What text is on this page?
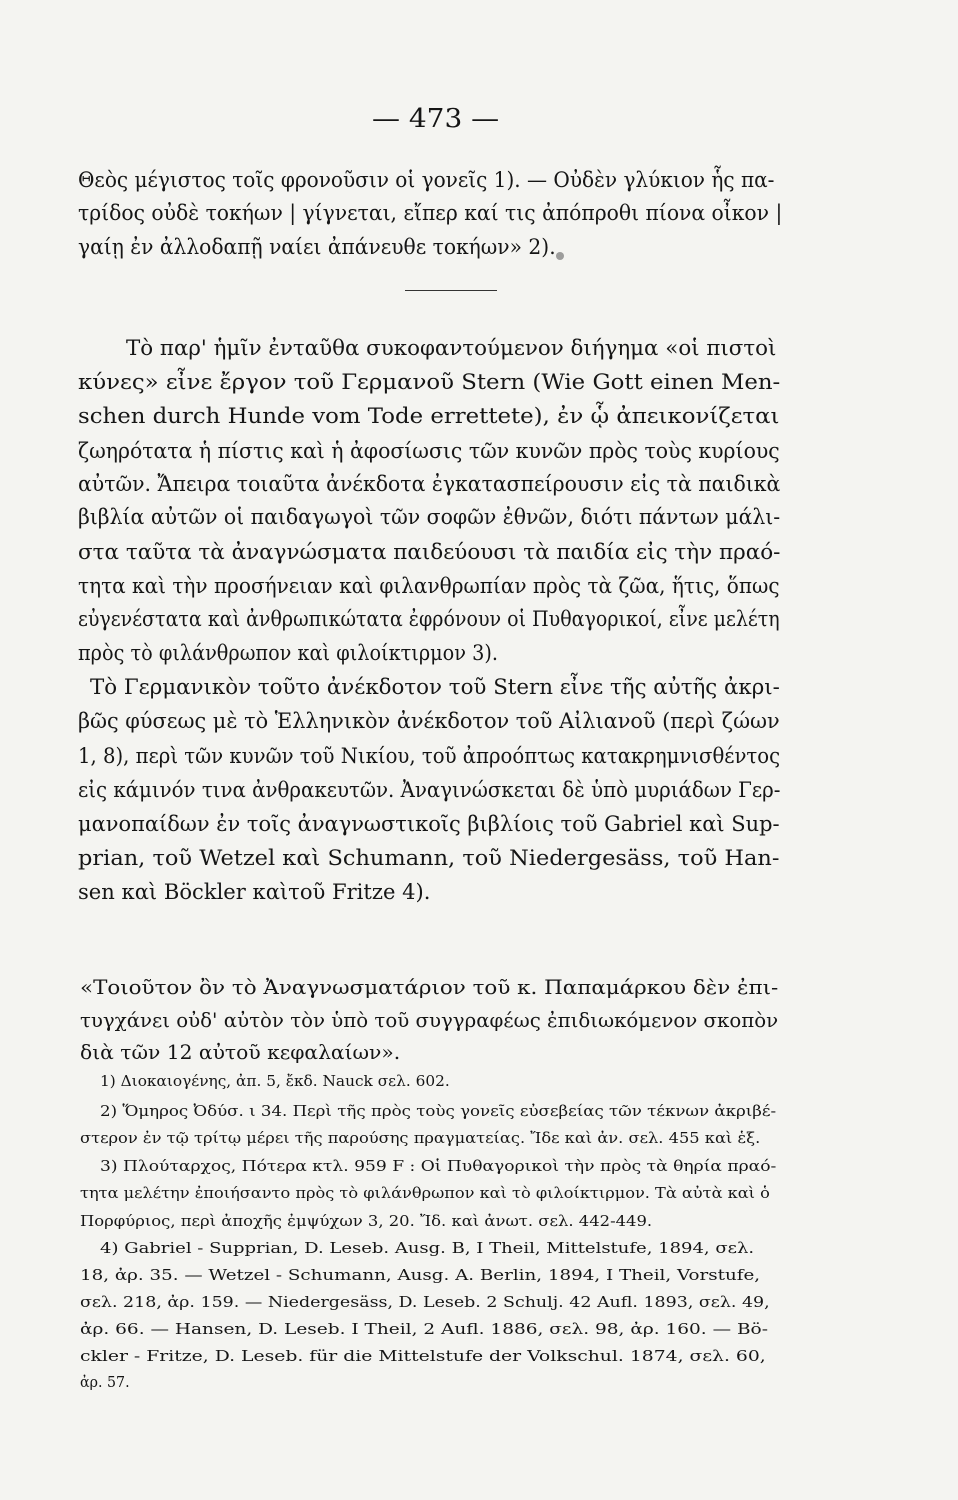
— 473 —
Θεὸς μέγιστος τοῖς φρονοῦσιν οἱ γονεῖς 1). — Οὐδὲν γλύκιον ἧς πα-
τρίδος οὐδὲ τοκήων | γίγνεται, εἴπερ καί τις ἀπόπροθι πίονα οἶκον |
γαίῃ ἐν ἀλλοδαπῇ ναίει ἀπάνευθε τοκήων» 2).
Τὸ παρ' ἡμῖν ἐνταῦθα συκοφαντούμενον διήγημα «οἱ πιστοὶ
κύνες» εἶνε ἔργον τοῦ Γερμανοῦ Stern (Wie Gott einen Men-
schen durch Hunde vom Tode errettete), ἐν ᾧ ἀπεικονίζεται
ζωηρότατα ἡ πίστις καὶ ἡ ἀφοσίωσις τῶν κυνῶν πρὸς τοὺς κυρίους
αὐτῶν. Ἄπειρα τοιαῦτα ἀνέκδοτα ἐγκατασπείρουσιν εἰς τὰ παιδικὰ
βιβλία αὐτῶν οἱ παιδαγωγοὶ τῶν σοφῶν ἐθνῶν, διότι πάντων μάλι-
στα ταῦτα τὰ ἀναγνώσματα παιδεύουσι τὰ παιδία εἰς τὴν πραό-
τητα καὶ τὴν προσήνειαν καὶ φιλανθρωπίαν πρὸς τὰ ζῶα, ἥτις, ὅπως
εὐγενέστατα καὶ ἀνθρωπικώτατα ἐφρόνουν οἱ Πυθαγορικοί, εἶνε μελέτη
πρὸς τὸ φιλάνθρωπον καὶ φιλοίκτιρμον 3).
Τὸ Γερμανικὸν τοῦτο ἀνέκδοτον τοῦ Stern εἶνε τῆς αὐτῆς ἀκρι-
βῶς φύσεως μὲ τὸ Ἑλληνικὸν ἀνέκδοτον τοῦ Αἰλιανοῦ (περὶ ζώων
1, 8), περὶ τῶν κυνῶν τοῦ Νικίου, τοῦ ἀπροόπτως κατακρημνισθέντος
εἰς κάμινόν τινα ἀνθρακευτῶν. Ἀναγινώσκεται δὲ ὑπὸ μυριάδων Γερ-
μανοπαίδων ἐν τοῖς ἀναγνωστικοῖς βιβλίοις τοῦ Gabriel καὶ Sup-
prian, τοῦ Wetzel καὶ Schumann, τοῦ Niedergesäss, τοῦ Han-
sen καὶ Böckler καὶτοῦ Fritze 4).
«Τοιοῦτον ὂν τὸ Ἀναγνωσματάριον τοῦ κ. Παπαμάρκου δὲν ἐπι-
τυγχάνει οὐδ' αὐτὸν τὸν ὑπὸ τοῦ συγγραφέως ἐπιδιωκόμενον σκοπὸν
διὰ τῶν 12 αὐτοῦ κεφαλαίων».
1) Διοκαιογένης, ἀπ. 5, ἔκδ. Nauck σελ. 602.
2) Ὅμηρος Ὀδύσ. ι 34. Περὶ τῆς πρὸς τοὺς γονεῖς εὐσεβείας τῶν τέκνων ἀκριβέ-
στερον ἐν τῷ τρίτῳ μέρει τῆς παρούσης πραγματείας. Ἴδε καὶ ἀν. σελ. 455 καὶ ἑξ.
3) Πλούταρχος, Πότερα κτλ. 959 F : Οἱ Πυθαγορικοὶ τὴν πρὸς τὰ θηρία πραό-
τητα μελέτην ἐποιήσαντο πρὸς τὸ φιλάνθρωπον καὶ τὸ φιλοίκτιρμον. Τὰ αὐτὰ καὶ ὁ
Πορφύριος, περὶ ἀποχῆς ἐμψύχων 3, 20. Ἴδ. καὶ ἀνωτ. σελ. 442-449.
4) Gabriel - Supprian, D. Leseb. Ausg. B, I Theil, Mittelstufe, 1894, σελ.
18, ἀρ. 35. — Wetzel - Schumann, Ausg. A. Berlin, 1894, I Theil, Vorstufe,
σελ. 218, ἀρ. 159. — Niedergesäss, D. Leseb. 2 Schulj. 42 Aufl. 1893, σελ. 49,
ἀρ. 66. — Hansen, D. Leseb. I Theil, 2 Aufl. 1886, σελ. 98, ἀρ. 160. — Bö-
ckler - Fritze, D. Leseb. für die Mittelstufe der Volkschul. 1874, σελ. 60,
ἀρ. 57.
